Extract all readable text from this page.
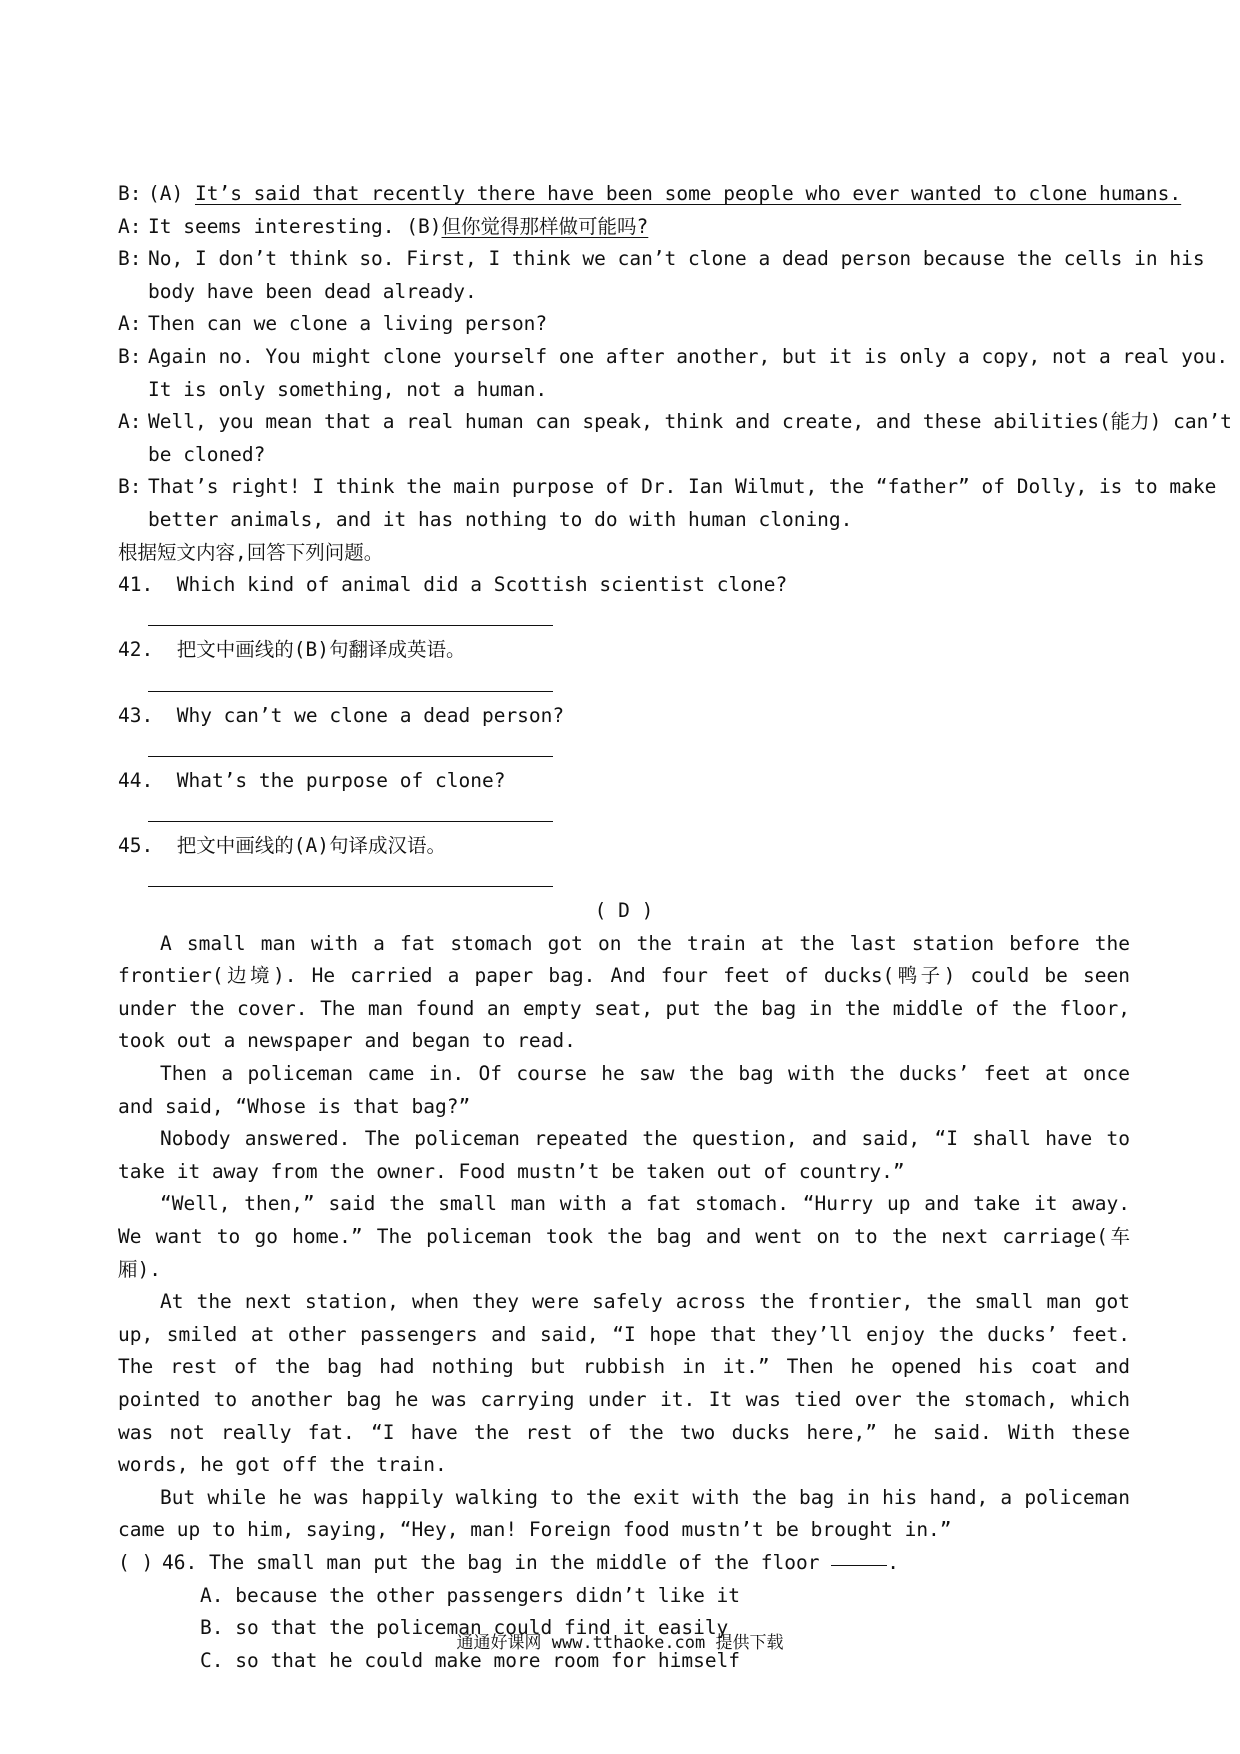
B: (A)
It’s said that recently there have been some people who ever wanted to clone humans.
A: It seems interesting.
(B) 但你觉得那样做可能吗?
B: No, I don’t think so. First, I think we can’t clone a dead person because the cells in his
body have been dead already.
A: Then can we clone a living person?
B: Again no. You might clone yourself one after another, but it is only a copy, not a real you.
It is only something, not a human.
A: Well, you mean that a real human can speak, think and create, and these abilities(能力) can’t
be cloned?
B: That’s right! I think the main purpose of Dr. Ian Wilmut, the “father” of Dolly, is to make
better animals, and it has nothing to do with human cloning.
根据短文内容,回答下列问题。
41. Which kind of animal did a Scottish scientist clone?
42. 把文中画线的(B)句翻译成英语。
43. Why can’t we clone a dead person?
44. What’s the purpose of clone?
45. 把文中画线的(A)句译成汉语。
( D )
A small man with a fat stomach got on the train at the last station before the frontier(边境). He carried a paper bag. And four feet of ducks(鸭子) could be seen under the cover. The man found an empty seat, put the bag in the middle of the floor, took out a newspaper and began to read.
Then a policeman came in. Of course he saw the bag with the ducks’ feet at once and said, “Whose is that bag?”
Nobody answered. The policeman repeated the question, and said, “I shall have to take it away from the owner. Food mustn’t be taken out of country.”
“Well, then,” said the small man with a fat stomach. “Hurry up and take it away. We want to go home.” The policeman took the bag and went on to the next carriage(车厢).
At the next station, when they were safely across the frontier, the small man got up, smiled at other passengers and said, “I hope that they’ll enjoy the ducks’ feet. The rest of the bag had nothing but rubbish in it.” Then he opened his coat and pointed to another bag he was carrying under it. It was tied over the stomach, which was not really fat. “I have the rest of the two ducks here,” he said. With these words, he got off the train.
But while he was happily walking to the exit with the bag in his hand, a policeman came up to him, saying, “Hey, man! Foreign food mustn’t be brought in.”
( ) 46.
The small man put the bag in the middle of the floor
	.
A. because the other passengers didn’t like it
B. so that the policeman could find it easily
C. so that he could make more room for himself
通通好课网 www.tthaoke.com 提供下载
